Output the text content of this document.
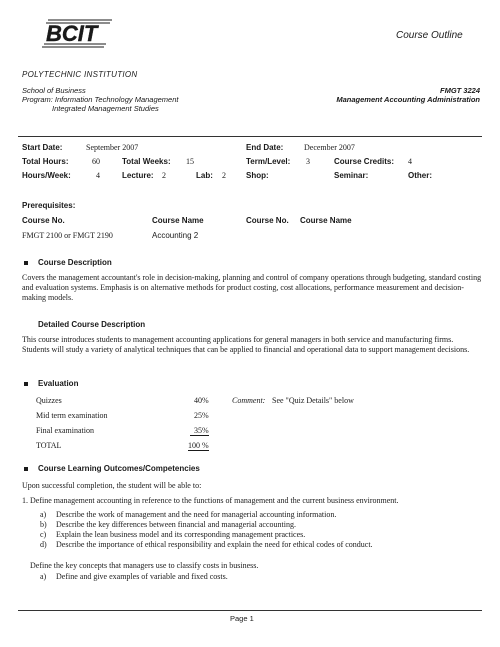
BCIT	Course Outline
POLYTECHNIC INSTITUTION
School of Business
Program: Information Technology Management
Integrated Management Studies
FMGT 3224
Management Accounting Administration
Start Date:	September 2007	End Date:	December 2007
Total Hours:	60	Total Weeks: 15	Term/Level: 3	Course Credits: 4
Hours/Week:	4	Lecture: 2	Lab: 2	Shop:	Seminar:	Other:
Prerequisites:
Course No.	Course Name	Course No. Course Name
FMGT 2100 or FMGT 2190	Accounting 2
Course Description
Covers the management accountant's role in decision-making, planning and control of company operations through budgeting, standard costing and evaluation systems. Emphasis is on alternative methods for product costing, cost allocations, performance measurement and decision-making models.
Detailed Course Description
This course introduces students to management accounting applications for general managers in both service and manufacturing firms. Students will study a variety of analytical techniques that can be applied to financial and operational data to support management decisions.
Evaluation
Quizzes	40%	Comment: See "Quiz Details" below
Mid term examination	25%
Final examination	35%
TOTAL	100 %
Course Learning Outcomes/Competencies
Upon successful completion, the student will be able to:
1. Define management accounting in reference to the functions of management and the current business environment.
a) Describe the work of management and the need for managerial accounting information.
b) Describe the key differences between financial and managerial accounting.
c) Explain the lean business model and its corresponding management practices.
d) Describe the importance of ethical responsibility and explain the need for ethical codes of conduct.
Define the key concepts that managers use to classify costs in business.
a) Define and give examples of variable and fixed costs.
Page 1
